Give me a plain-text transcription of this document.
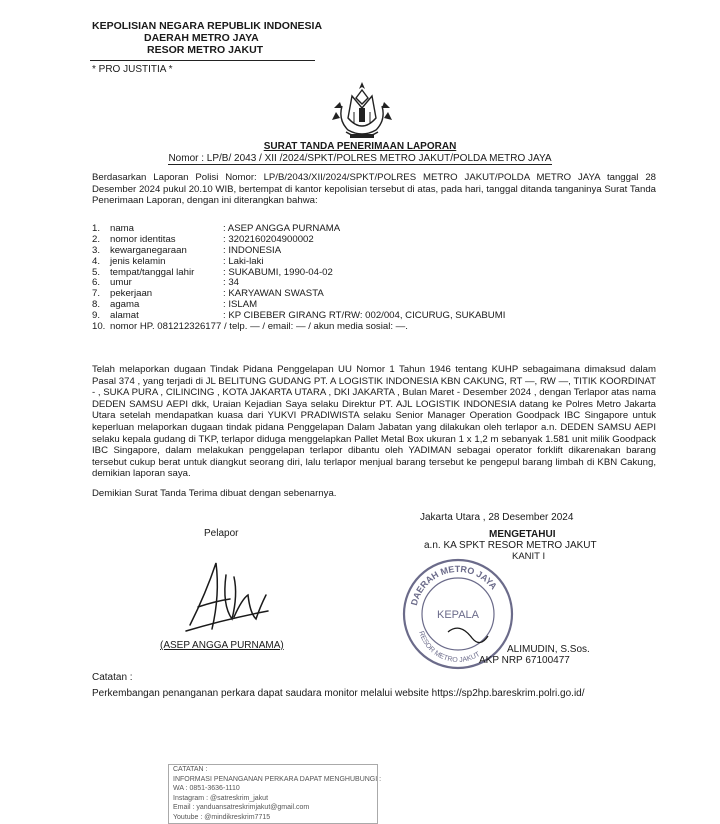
KEPOLISIAN NEGARA REPUBLIK INDONESIA
DAERAH METRO JAYA
RESOR METRO JAKUT
* PRO JUSTITIA *
SURAT TANDA PENERIMAAN LAPORAN
Nomor : LP/B/ 2043 / XII /2024/SPKT/POLRES METRO JAKUT/POLDA METRO JAYA
Berdasarkan Laporan Polisi Nomor: LP/B/2043/XII/2024/SPKT/POLRES METRO JAKUT/POLDA METRO JAYA tanggal 28 Desember 2024 pukul 20.10 WIB, bertempat di kantor kepolisian tersebut di atas, pada hari, tanggal ditanda tanganinya Surat Tanda Penerimaan Laporan, dengan ini diterangkan bahwa:
1. nama	: ASEP ANGGA PURNAMA
2. nomor identitas	: 3202160204900002
3. kewarganegaraan	: INDONESIA
4. jenis kelamin	: Laki-laki
5. tempat/tanggal lahir	: SUKABUMI, 1990-04-02
6. umur	: 34
7. pekerjaan	: KARYAWAN SWASTA
8. agama	: ISLAM
9. alamat	: KP CIBEBER GIRANG RT/RW: 002/004, CICURUG, SUKABUMI
10. nomor HP. 081212326177 / telp. — / email: — / akun media sosial: —.
Telah melaporkan dugaan Tindak Pidana Penggelapan UU Nomor 1 Tahun 1946 tentang KUHP sebagaimana dimaksud dalam Pasal 374 , yang terjadi di JL BELITUNG GUDANG PT. A LOGISTIK INDONESIA KBN CAKUNG, RT —, RW —, TITIK KOORDINAT - , SUKA PURA , CILINCING , KOTA JAKARTA UTARA , DKI JAKARTA , Bulan Maret - Desember 2024 , dengan Terlapor atas nama DEDEN SAMSU AEPI dkk, Uraian Kejadian Saya selaku Direktur PT. AJL LOGISTIK INDONESIA datang ke Polres Metro Jakarta Utara setelah mendapatkan kuasa dari YUKVI PRADIWISTA selaku Senior Manager Operation Goodpack IBC Singapore untuk keperluan melaporkan dugaan tindak pidana Penggelapan Dalam Jabatan yang dilakukan oleh terlapor a.n. DEDEN SAMSU AEPI selaku kepala gudang di TKP, terlapor diduga menggelapkan Pallet Metal Box ukuran 1 x 1,2 m sebanyak 1.581 unit milik Goodpack IBC Singapore, dalam melakukan penggelapan terlapor dibantu oleh YADIMAN sebagai operator forklift dikarenakan barang tersebut cukup berat untuk diangkut seorang diri, lalu terlapor menjual barang tersebut ke pengepul barang limbah di KBN Cakung, demikian laporan saya.
Demikian Surat Tanda Terima dibuat dengan sebenarnya.
Jakarta Utara , 28 Desember 2024
Pelapor	MENGETAHUI
a.n. KA SPKT RESOR METRO JAKUT
KANIT I
DAERAH METRO JAYA
KEPALA
RESOR METRO JAKUT
(ASEP ANGGA PURNAMA)	ALIMUDIN, S.Sos.
AKP NRP 67100477
Catatan :
Perkembangan penanganan perkara dapat saudara monitor melalui website https://sp2hp.bareskrim.polri.go.id/
CATATAN :
INFORMASI PENANGANAN PERKARA DAPAT MENGHUBUNGI :
WA : 0851-3636-1110
Instagram : @satreskrim_jakut
Email : yanduansatreskrimjakut@gmail.com
Youtube : @mindikreskrim7715
